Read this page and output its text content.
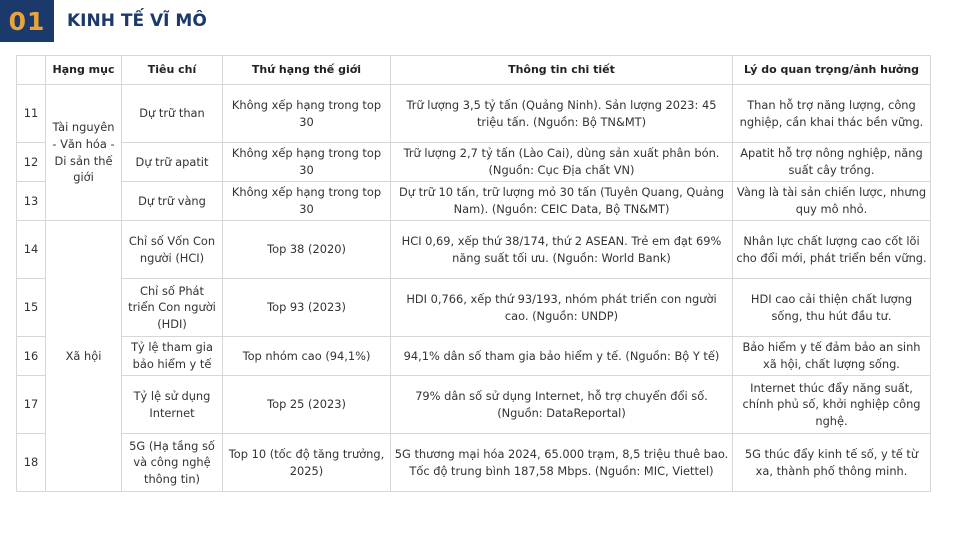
01	KINH TẾ VĨ MÔ
	Hạng mục	Tiêu chí	Thứ hạng thế giới	Thông tin chi tiết	Lý do quan trọng/ảnh hưởng
11	Tài nguyên - Văn hóa - Di sản thế giới	Dự trữ than	Không xếp hạng trong top 30	Trữ lượng 3,5 tỷ tấn (Quảng Ninh). Sản lượng 2023: 45 triệu tấn. (Nguồn: Bộ TN&MT)	Than hỗ trợ năng lượng, công nghiệp, cần khai thác bền vững.
12		Dự trữ apatit	Không xếp hạng trong top 30	Trữ lượng 2,7 tỷ tấn (Lào Cai), dùng sản xuất phân bón. (Nguồn: Cục Địa chất VN)	Apatit hỗ trợ nông nghiệp, năng suất cây trồng.
13		Dự trữ vàng	Không xếp hạng trong top 30	Dự trữ 10 tấn, trữ lượng mỏ 30 tấn (Tuyên Quang, Quảng Nam). (Nguồn: CEIC Data, Bộ TN&MT)	Vàng là tài sản chiến lược, nhưng quy mô nhỏ.
14	Xã hội	Chỉ số Vốn Con người (HCI)	Top 38 (2020)	HCI 0,69, xếp thứ 38/174, thứ 2 ASEAN. Trẻ em đạt 69% năng suất tối ưu. (Nguồn: World Bank)	Nhân lực chất lượng cao cốt lõi cho đổi mới, phát triển bền vững.
15		Chỉ số Phát triển Con người (HDI)	Top 93 (2023)	HDI 0,766, xếp thứ 93/193, nhóm phát triển con người cao. (Nguồn: UNDP)	HDI cao cải thiện chất lượng sống, thu hút đầu tư.
16		Tỷ lệ tham gia bảo hiểm y tế	Top nhóm cao (94,1%)	94,1% dân số tham gia bảo hiểm y tế. (Nguồn: Bộ Y tế)	Bảo hiểm y tế đảm bảo an sinh xã hội, chất lượng sống.
17		Tỷ lệ sử dụng Internet	Top 25 (2023)	79% dân số sử dụng Internet, hỗ trợ chuyển đổi số. (Nguồn: DataReportal)	Internet thúc đẩy năng suất, chính phủ số, khởi nghiệp công nghệ.
18		5G (Hạ tầng số và công nghệ thông tin)	Top 10 (tốc độ tăng trưởng, 2025)	5G thương mại hóa 2024, 65.000 trạm, 8,5 triệu thuê bao. Tốc độ trung bình 187,58 Mbps. (Nguồn: MIC, Viettel)	5G thúc đẩy kinh tế số, y tế từ xa, thành phố thông minh.
